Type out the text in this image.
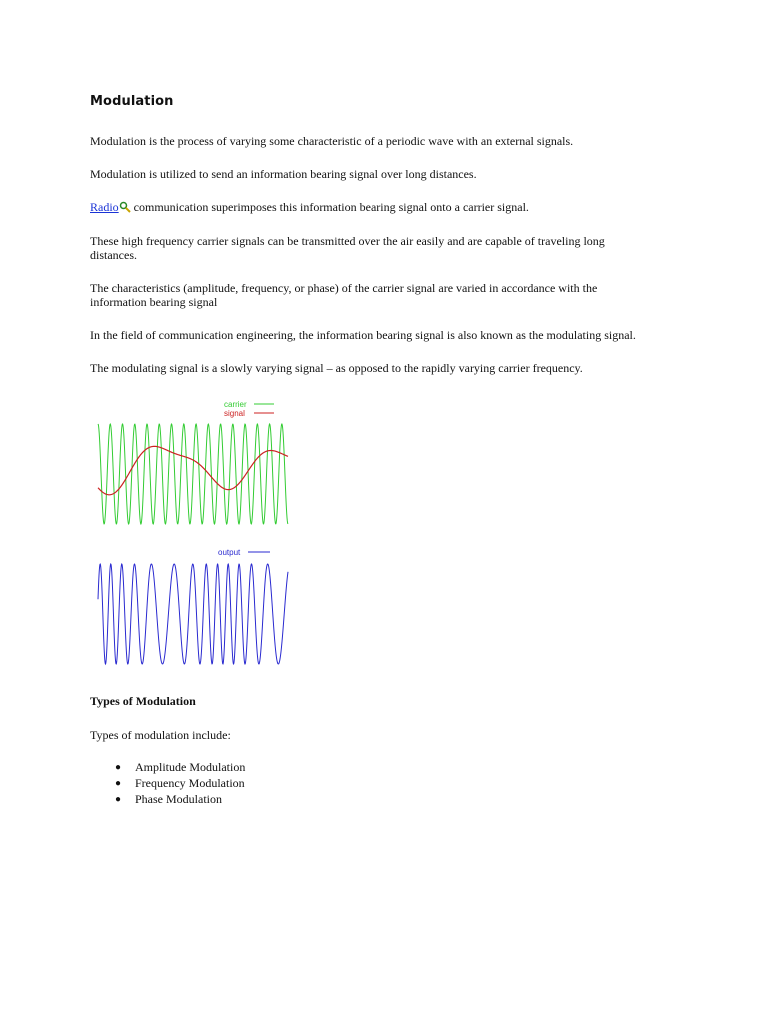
Modulation

Modulation is the process of varying some characteristic of a periodic wave with an external signals.

Modulation is utilized to send an information bearing signal over long distances.

Radio communication superimposes this information bearing signal onto a carrier signal.

These high frequency carrier signals can be transmitted over the air easily and are capable of traveling long
distances.

The characteristics (amplitude, frequency, or phase) of the carrier signal are varied in accordance with the
information bearing signal

In the field of communication engineering, the information bearing signal is also known as the modulating signal.

The modulating signal is a slowly varying signal – as opposed to the rapidly varying carrier frequency.

carrier
signal
output
Types of Modulation

Types of modulation include:

● Amplitude Modulation
● Frequency Modulation
● Phase Modulation
